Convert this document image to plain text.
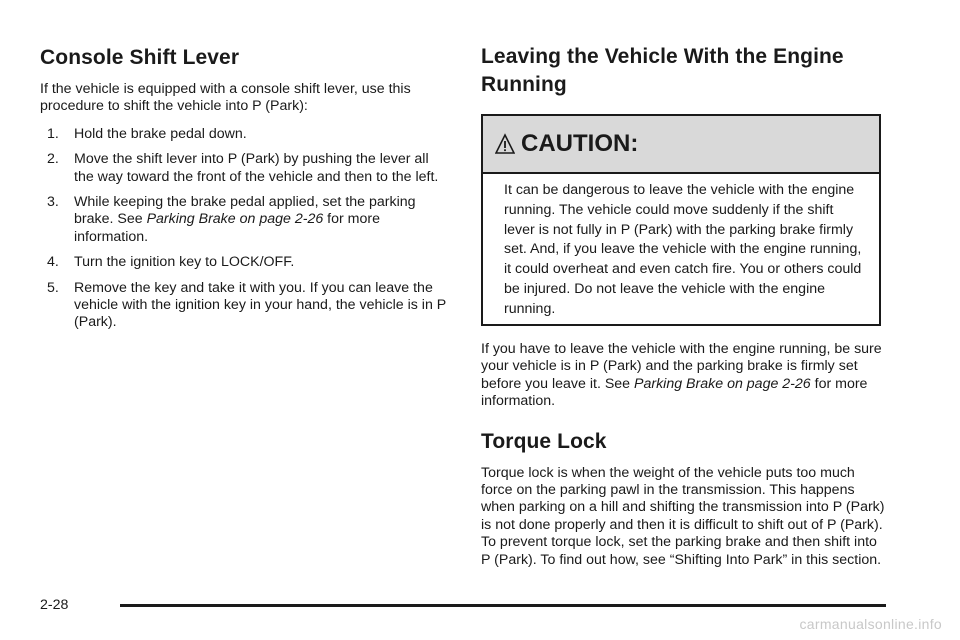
Console Shift Lever

If the vehicle is equipped with a console shift lever, use this procedure to shift the vehicle into P (Park):

1. Hold the brake pedal down.
2. Move the shift lever into P (Park) by pushing the lever all the way toward the front of the vehicle and then to the left.
3. While keeping the brake pedal applied, set the parking brake. See Parking Brake on page 2-26 for more information.
4. Turn the ignition key to LOCK/OFF.
5. Remove the key and take it with you. If you can leave the vehicle with the ignition key in your hand, the vehicle is in P (Park).
Leaving the Vehicle With the Engine Running
CAUTION:
It can be dangerous to leave the vehicle with the engine running. The vehicle could move suddenly if the shift lever is not fully in P (Park) with the parking brake firmly set. And, if you leave the vehicle with the engine running, it could overheat and even catch fire. You or others could be injured. Do not leave the vehicle with the engine running.

If you have to leave the vehicle with the engine running, be sure your vehicle is in P (Park) and the parking brake is firmly set before you leave it. See Parking Brake on page 2-26 for more information.

Torque Lock

Torque lock is when the weight of the vehicle puts too much force on the parking pawl in the transmission. This happens when parking on a hill and shifting the transmission into P (Park) is not done properly and then it is difficult to shift out of P (Park). To prevent torque lock, set the parking brake and then shift into P (Park). To find out how, see “Shifting Into Park” in this section.

2-28
carmanualsonline.info
